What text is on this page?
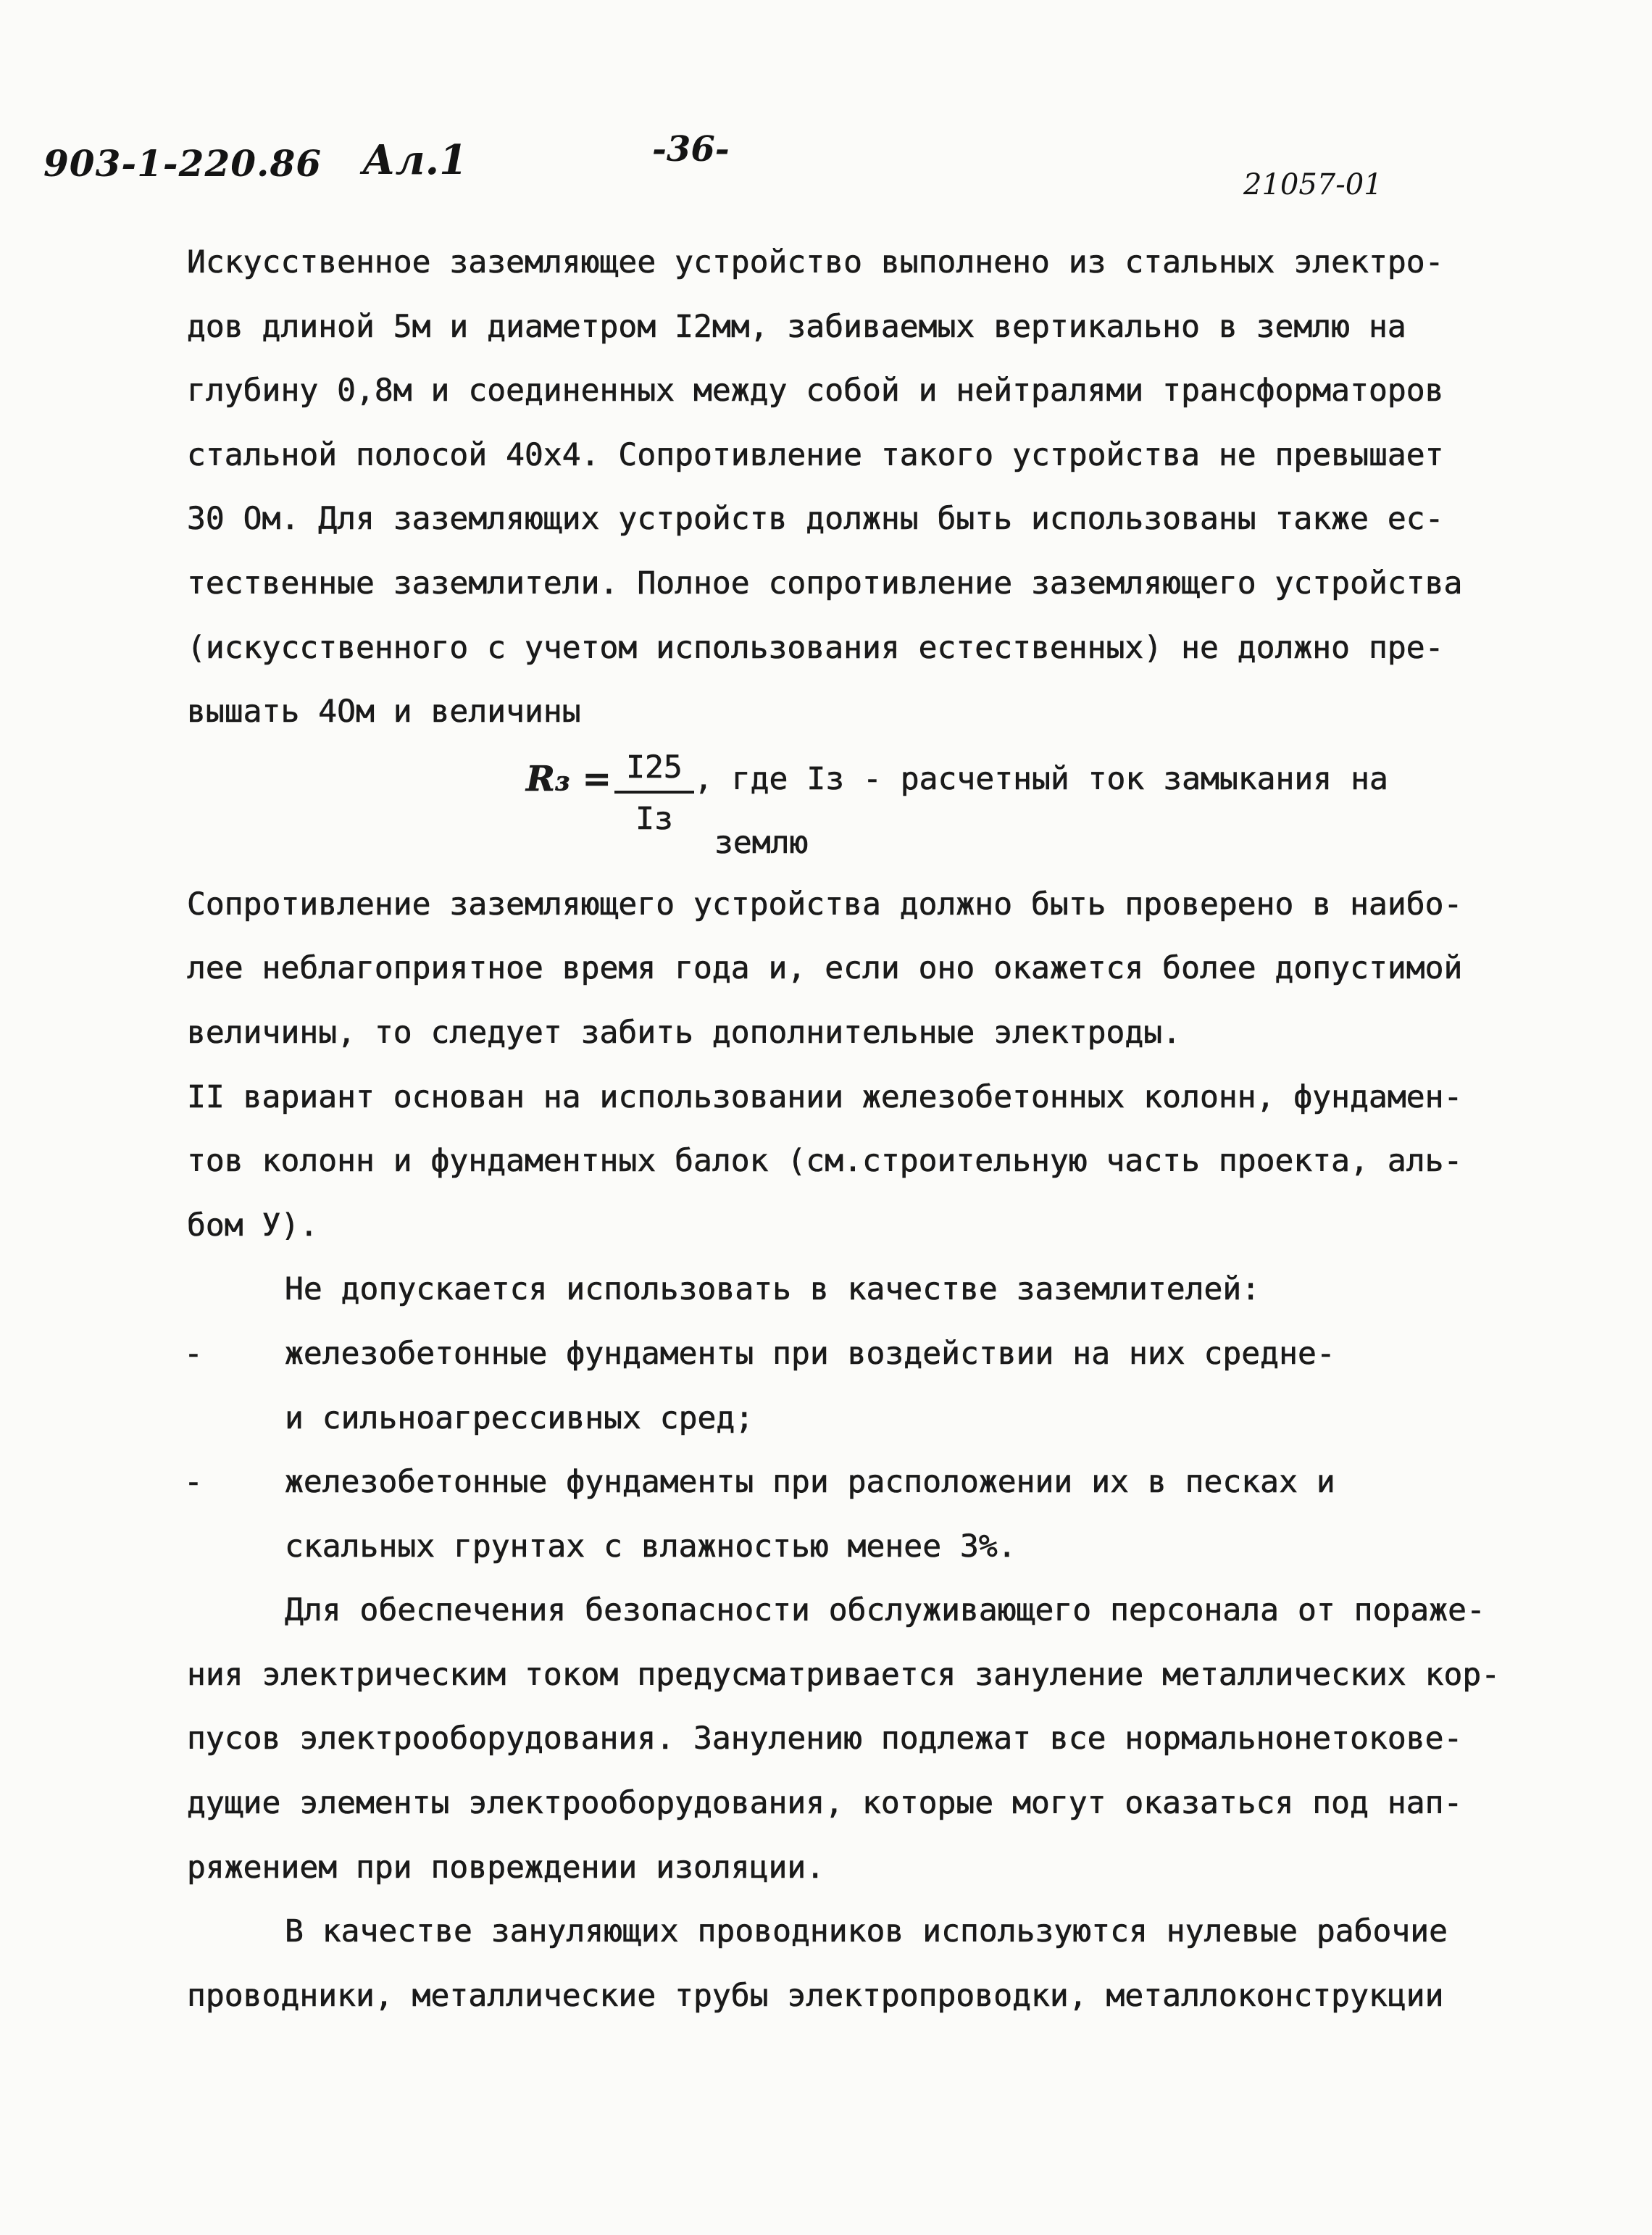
903-1-220.86 Ал.1	-36-
21057-01
Искусственное заземляющее устройство выполнено из стальных электро-
дов длиной 5м и диаметром I2мм, забиваемых вертикально в землю на
глубину 0,8м и соединенных между собой и нейтралями трансформаторов
стальной полосой 40х4. Сопротивление такого устройства не превышает
30 Ом. Для заземляющих устройств должны быть использованы также ес-
тественные заземлители. Полное сопротивление заземляющего устройства
(искусственного с учетом использования естественных) не должно пре-
вышать 4Ом и величины
R₃ = I25
Iз
, где Iз - расчетный ток замыкания на
землю
Сопротивление заземляющего устройства должно быть проверено в наибо-
лее неблагоприятное время года и, если оно окажется более допустимой
величины, то следует забить дополнительные электроды.
II вариант основан на использовании железобетонных колонн, фундамен-
тов колонн и фундаментных балок (см.строительную часть проекта, аль-
бом У).
Не допускается использовать в качестве заземлителей:
-	железобетонные фундаменты при воздействии на них средне-
и сильноагрессивных сред;
-	железобетонные фундаменты при расположении их в песках и
скальных грунтах с влажностью менее 3%.
Для обеспечения безопасности обслуживающего персонала от пораже-
ния электрическим током предусматривается зануление металлических кор-
пусов электрооборудования. Занулению подлежат все нормальнонетокове-
дущие элементы электрооборудования, которые могут оказаться под нап-
ряжением при повреждении изоляции.
В качестве зануляющих проводников используются нулевые рабочие
проводники, металлические трубы электропроводки, металлоконструкции
